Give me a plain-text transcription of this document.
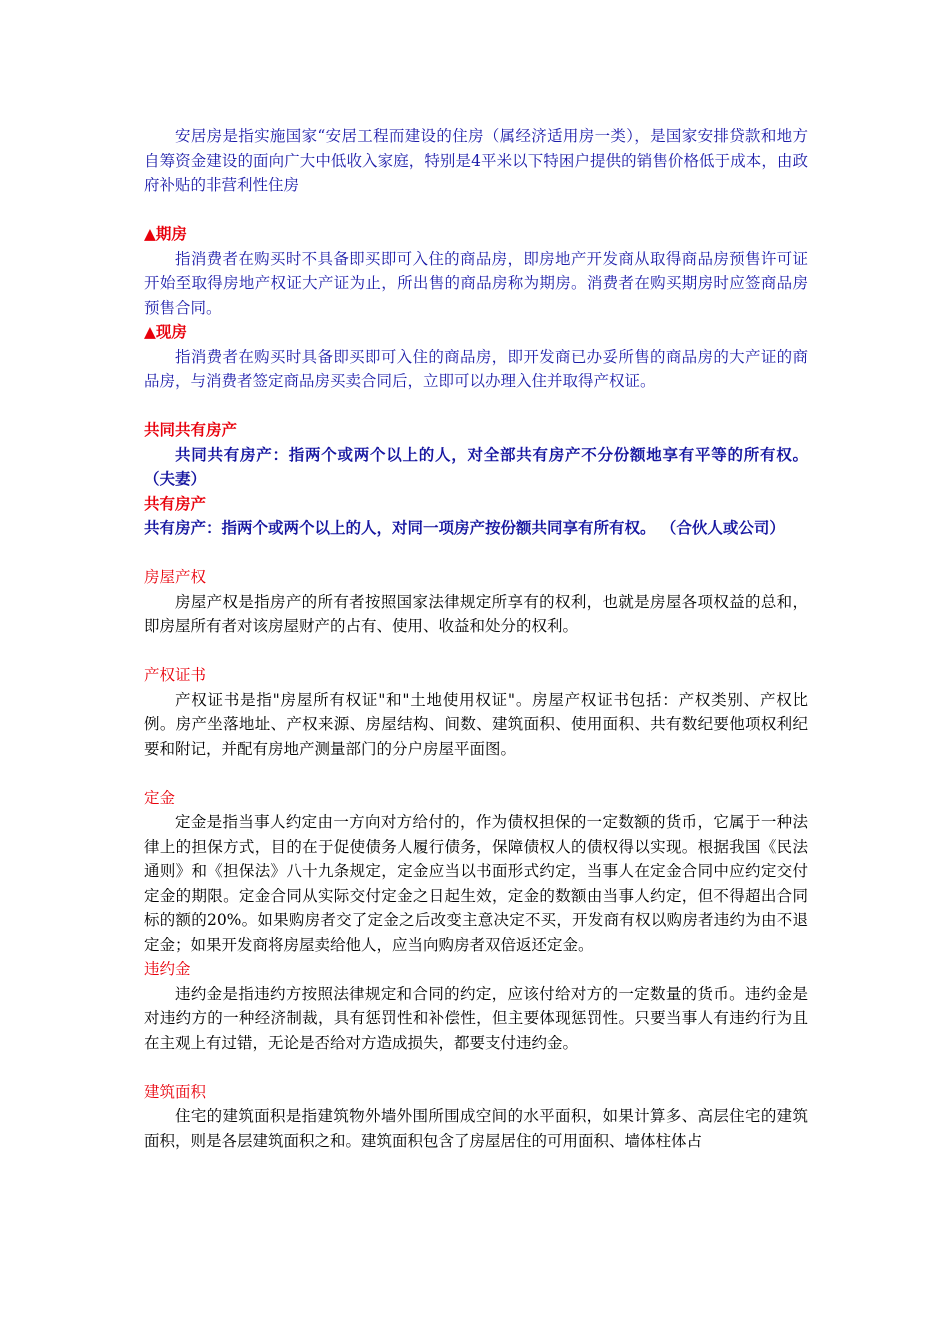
安居房是指实施国家“安居工程而建设的住房（属经济适用房一类），是国家安排贷款和地方自筹资金建设的面向广大中低收入家庭，特别是4平米以下特困户提供的销售价格低于成本，由政府补贴的非营利性住房

▲期房

指消费者在购买时不具备即买即可入住的商品房，即房地产开发商从取得商品房预售许可证开始至取得房地产权证大产证为止，所出售的商品房称为期房。消费者在购买期房时应签商品房预售合同。

▲现房

指消费者在购买时具备即买即可入住的商品房，即开发商已办妥所售的商品房的大产证的商品房，与消费者签定商品房买卖合同后，立即可以办理入住并取得产权证。

共同共有房产

共同共有房产：指两个或两个以上的人，对全部共有房产不分份额地享有平等的所有权。 （夫妻）

共有房产

共有房产：指两个或两个以上的人，对同一项房产按份额共同享有所有权。 （合伙人或公司）

房屋产权

房屋产权是指房产的所有者按照国家法律规定所享有的权利，也就是房屋各项权益的总和，即房屋所有者对该房屋财产的占有、使用、收益和处分的权利。

产权证书

产权证书是指"房屋所有权证"和"土地使用权证"。房屋产权证书包括：产权类别、产权比例。房产坐落地址、产权来源、房屋结构、间数、建筑面积、使用面积、共有数纪要他项权利纪要和附记，并配有房地产测量部门的分户房屋平面图。

定金

定金是指当事人约定由一方向对方给付的，作为债权担保的一定数额的货币，它属于一种法律上的担保方式，目的在于促使债务人履行债务，保障债权人的债权得以实现。根据我国《民法通则》和《担保法》八十九条规定，定金应当以书面形式约定，当事人在定金合同中应约定交付定金的期限。定金合同从实际交付定金之日起生效，定金的数额由当事人约定，但不得超出合同标的额的20%。如果购房者交了定金之后改变主意决定不买，开发商有权以购房者违约为由不退定金；如果开发商将房屋卖给他人，应当向购房者双倍返还定金。

违约金

违约金是指违约方按照法律规定和合同的约定，应该付给对方的一定数量的货币。违约金是对违约方的一种经济制裁，具有惩罚性和补偿性，但主要体现惩罚性。只要当事人有违约行为且在主观上有过错，无论是否给对方造成损失，都要支付违约金。

建筑面积

住宅的建筑面积是指建筑物外墙外围所围成空间的水平面积，如果计算多、高层住宅的建筑面积，则是各层建筑面积之和。建筑面积包含了房屋居住的可用面积、墙体柱体占
